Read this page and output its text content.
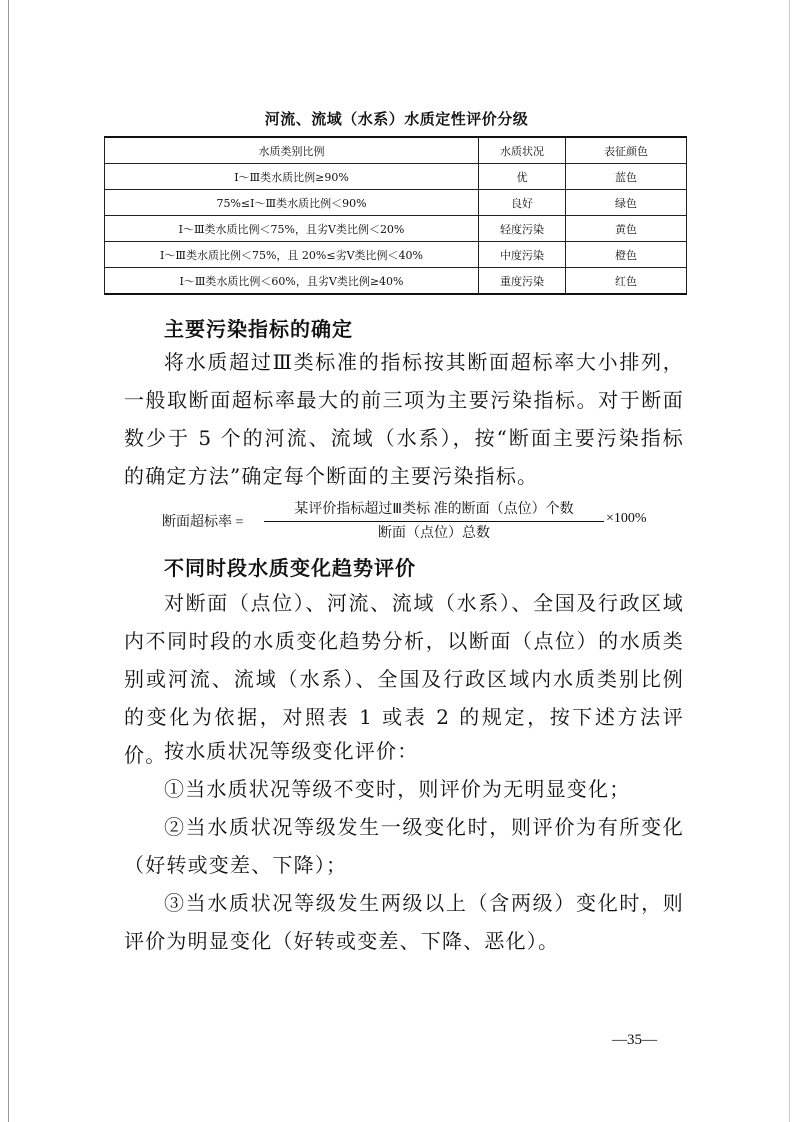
河流、流域（水系）水质定性评价分级
水质类别比例	水质状况	表征颜色
Ⅰ～Ⅲ类水质比例≥90%	优	蓝色
75%≤Ⅰ～Ⅲ类水质比例＜90%	良好	绿色
Ⅰ～Ⅲ类水质比例＜75%，且劣Ⅴ类比例＜20%	轻度污染	黄色
Ⅰ～Ⅲ类水质比例＜75%，且 20%≤劣Ⅴ类比例＜40%	中度污染	橙色
Ⅰ～Ⅲ类水质比例＜60%，且劣Ⅴ类比例≥40%	重度污染	红色
主要污染指标的确定

将水质超过Ⅲ类标准的指标按其断面超标率大小排列，一般取断面超标率最大的前三项为主要污染指标。对于断面数少于 5 个的河流、流域（水系），按“断面主要污染指标的确定方法”确定每个断面的主要污染指标。

断面超标率 =
某评价指标超过Ⅲ类标 准的断面（点位）个数
断面（点位）总数
×100%
不同时段水质变化趋势评价

对断面（点位）、河流、流域（水系）、全国及行政区域内不同时段的水质变化趋势分析，以断面（点位）的水质类别或河流、流域（水系）、全国及行政区域内水质类别比例的变化为依据，对照表 1 或表 2 的规定，按下述方法评价。

按水质状况等级变化评价：

①当水质状况等级不变时，则评价为无明显变化；

②当水质状况等级发生一级变化时，则评价为有所变化（好转或变差、下降）；

③当水质状况等级发生两级以上（含两级）变化时，则评价为明显变化（好转或变差、下降、恶化）。

—35—
